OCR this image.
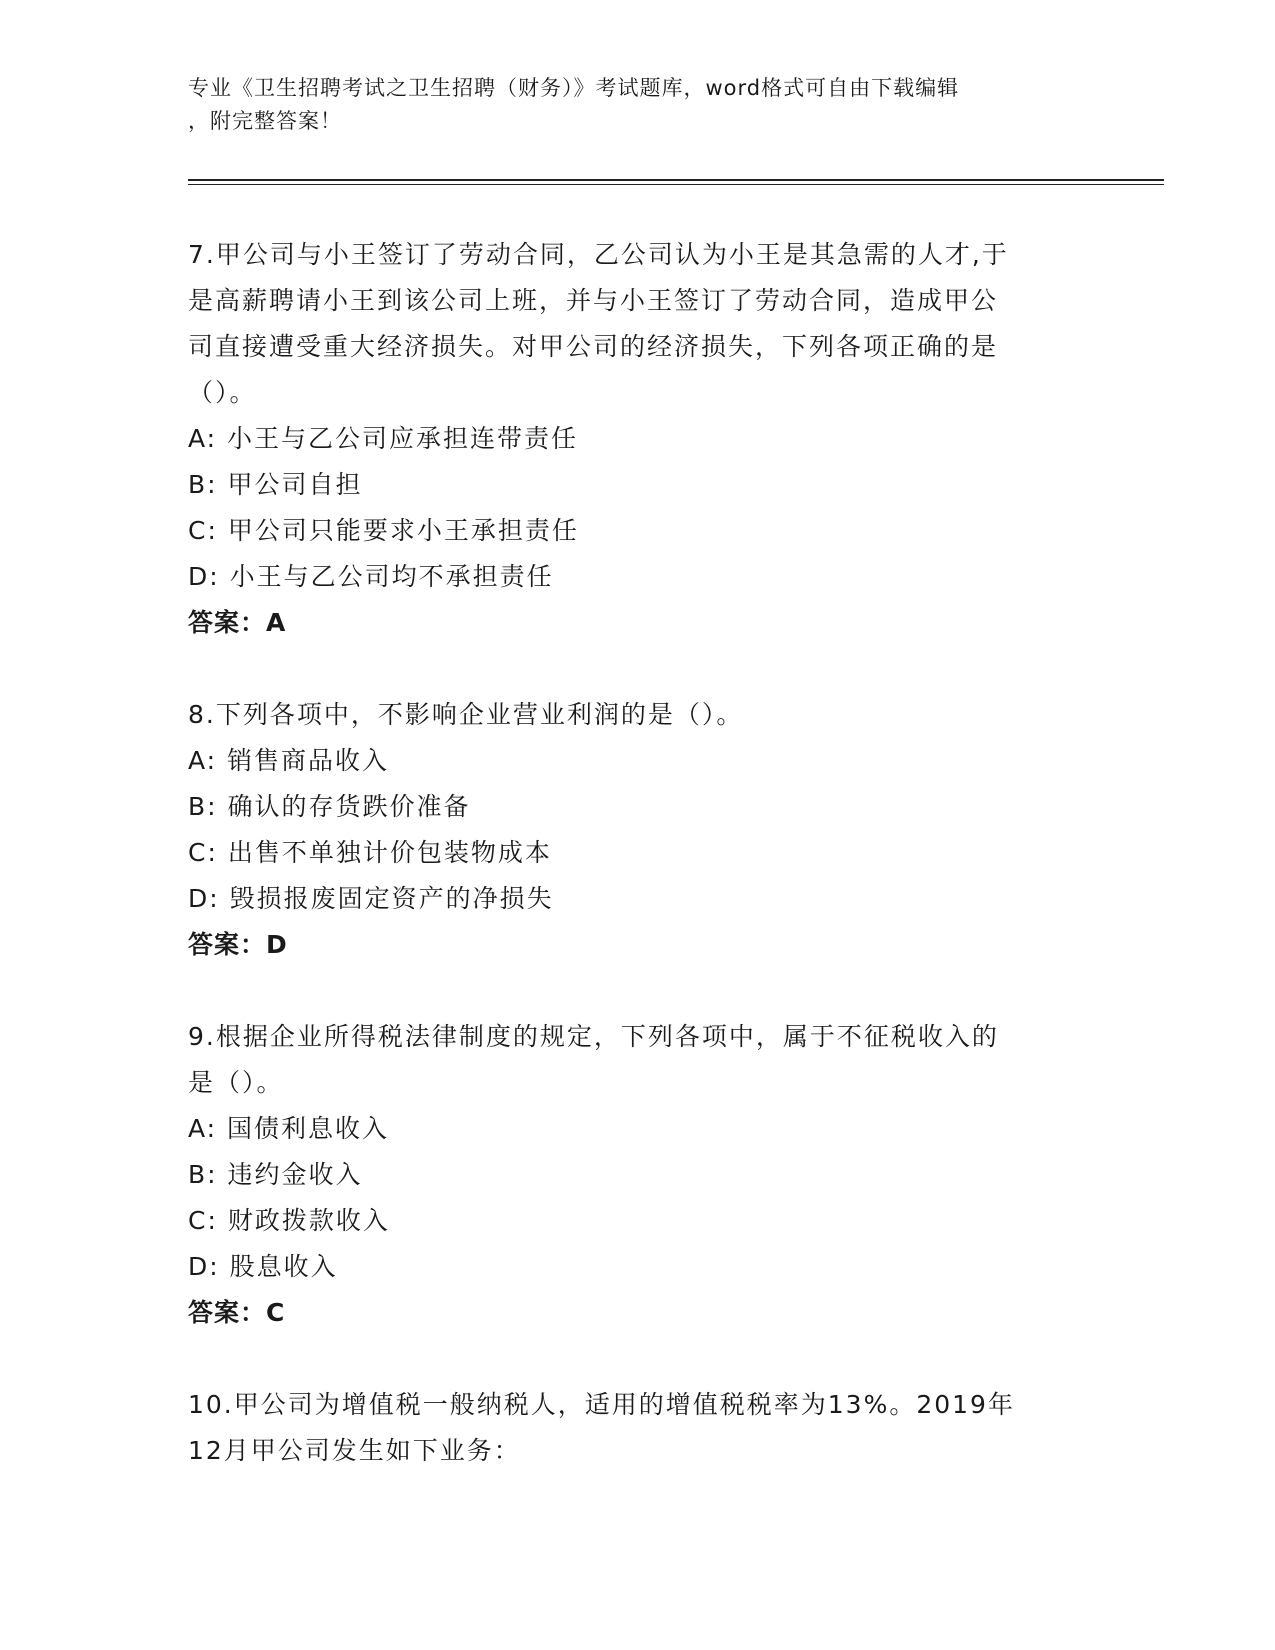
专业《卫生招聘考试之卫生招聘（财务）》考试题库，word格式可自由下载编辑
，附完整答案！
7.甲公司与小王签订了劳动合同，乙公司认为小王是其急需的人才,于
是高薪聘请小王到该公司上班，并与小王签订了劳动合同，造成甲公
司直接遭受重大经济损失。对甲公司的经济损失，下列各项正确的是
（）。
A: 小王与乙公司应承担连带责任
B: 甲公司自担
C: 甲公司只能要求小王承担责任
D: 小王与乙公司均不承担责任
答案：A
8.下列各项中，不影响企业营业利润的是（）。
A: 销售商品收入
B: 确认的存货跌价准备
C: 出售不单独计价包装物成本
D: 毁损报废固定资产的净损失
答案：D
9.根据企业所得税法律制度的规定，下列各项中，属于不征税收入的
是（）。
A: 国债利息收入
B: 违约金收入
C: 财政拨款收入
D: 股息收入
答案：C
10.甲公司为增值税一般纳税人，适用的增值税税率为13%。2019年
12月甲公司发生如下业务：
